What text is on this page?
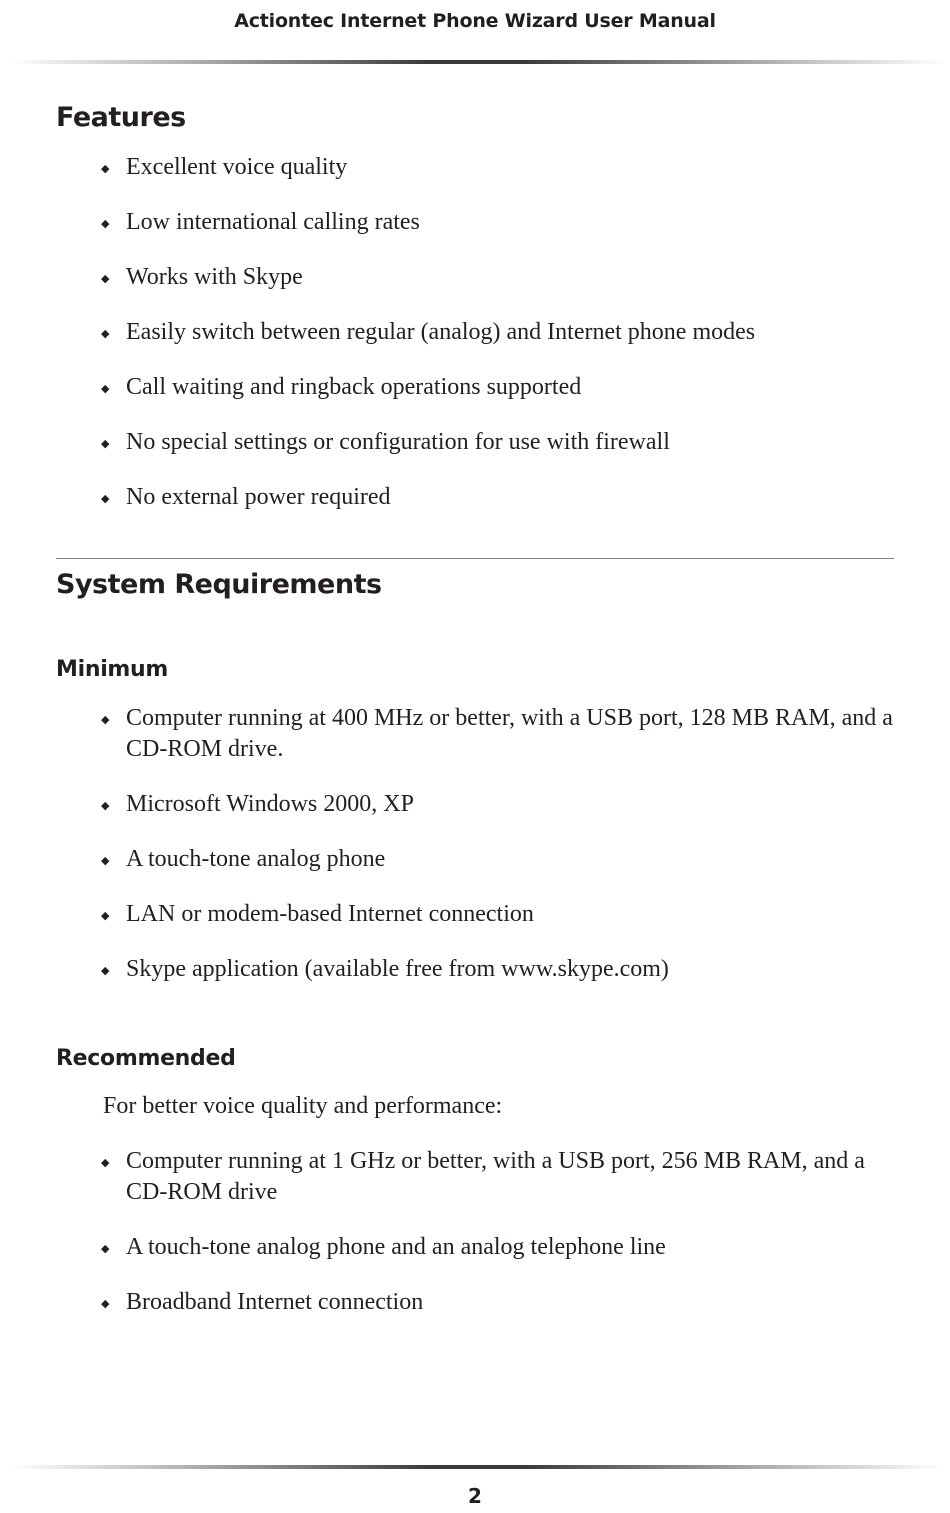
Actiontec Internet Phone Wizard User Manual
Features
◆ Excellent voice quality
◆ Low international calling rates
◆ Works with Skype
◆ Easily switch between regular (analog) and Internet phone modes
◆ Call waiting and ringback operations supported
◆ No special settings or configuration for use with firewall
◆ No external power required
System Requirements
Minimum
◆ Computer running at 400 MHz or better, with a USB port, 128 MB RAM, and a CD-ROM drive.
◆ Microsoft Windows 2000, XP
◆ A touch-tone analog phone
◆ LAN or modem-based Internet connection
◆ Skype application (available free from www.skype.com)
Recommended

For better voice quality and performance:

◆ Computer running at 1 GHz or better, with a USB port, 256 MB RAM, and a CD-ROM drive
◆ A touch-tone analog phone and an analog telephone line
◆ Broadband Internet connection
2
